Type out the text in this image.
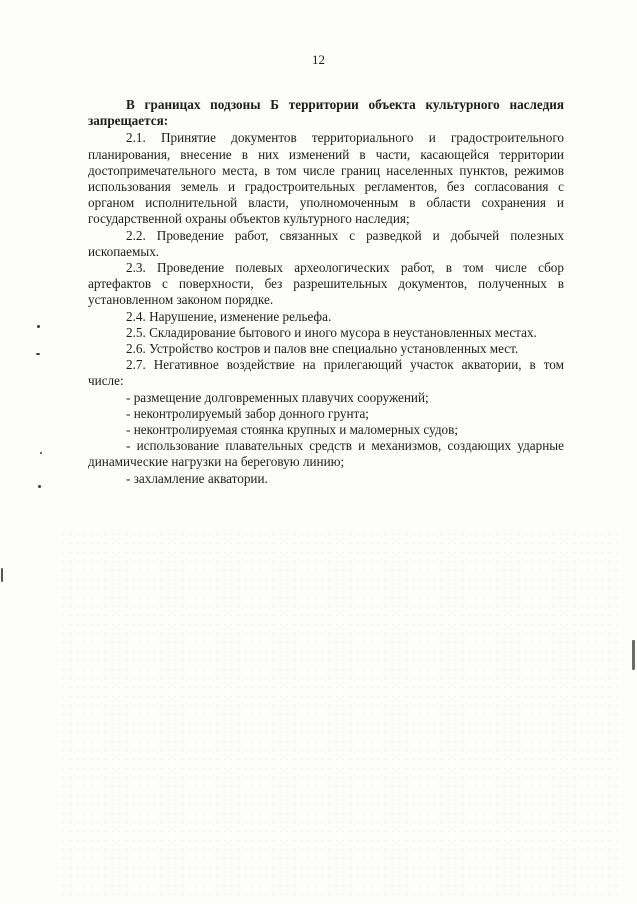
12

В границах подзоны Б территории объекта культурного наследия запрещается:

2.1. Принятие документов территориального и градостроительного планирования, внесение в них изменений в части, касающейся территории достопримечательного места, в том числе границ населенных пунктов, режимов использования земель и градостроительных регламентов, без согласования с органом исполнительной власти, уполномоченным в области сохранения и государственной охраны объектов культурного наследия;

2.2. Проведение работ, связанных с разведкой и добычей полезных ископаемых.

2.3. Проведение полевых археологических работ, в том числе сбор артефактов с поверхности, без разрешительных документов, полученных в установленном законом порядке.

2.4. Нарушение, изменение рельефа.

2.5. Складирование бытового и иного мусора в неустановленных местах.

2.6. Устройство костров и палов вне специально установленных мест.

2.7. Негативное воздействие на прилегающий участок акватории, в том числе:

- размещение долговременных плавучих сооружений;

- неконтролируемый забор донного грунта;

- неконтролируемая стоянка крупных и маломерных судов;

- использование плавательных средств и механизмов, создающих ударные динамические нагрузки на береговую линию;

- захламление акватории.
